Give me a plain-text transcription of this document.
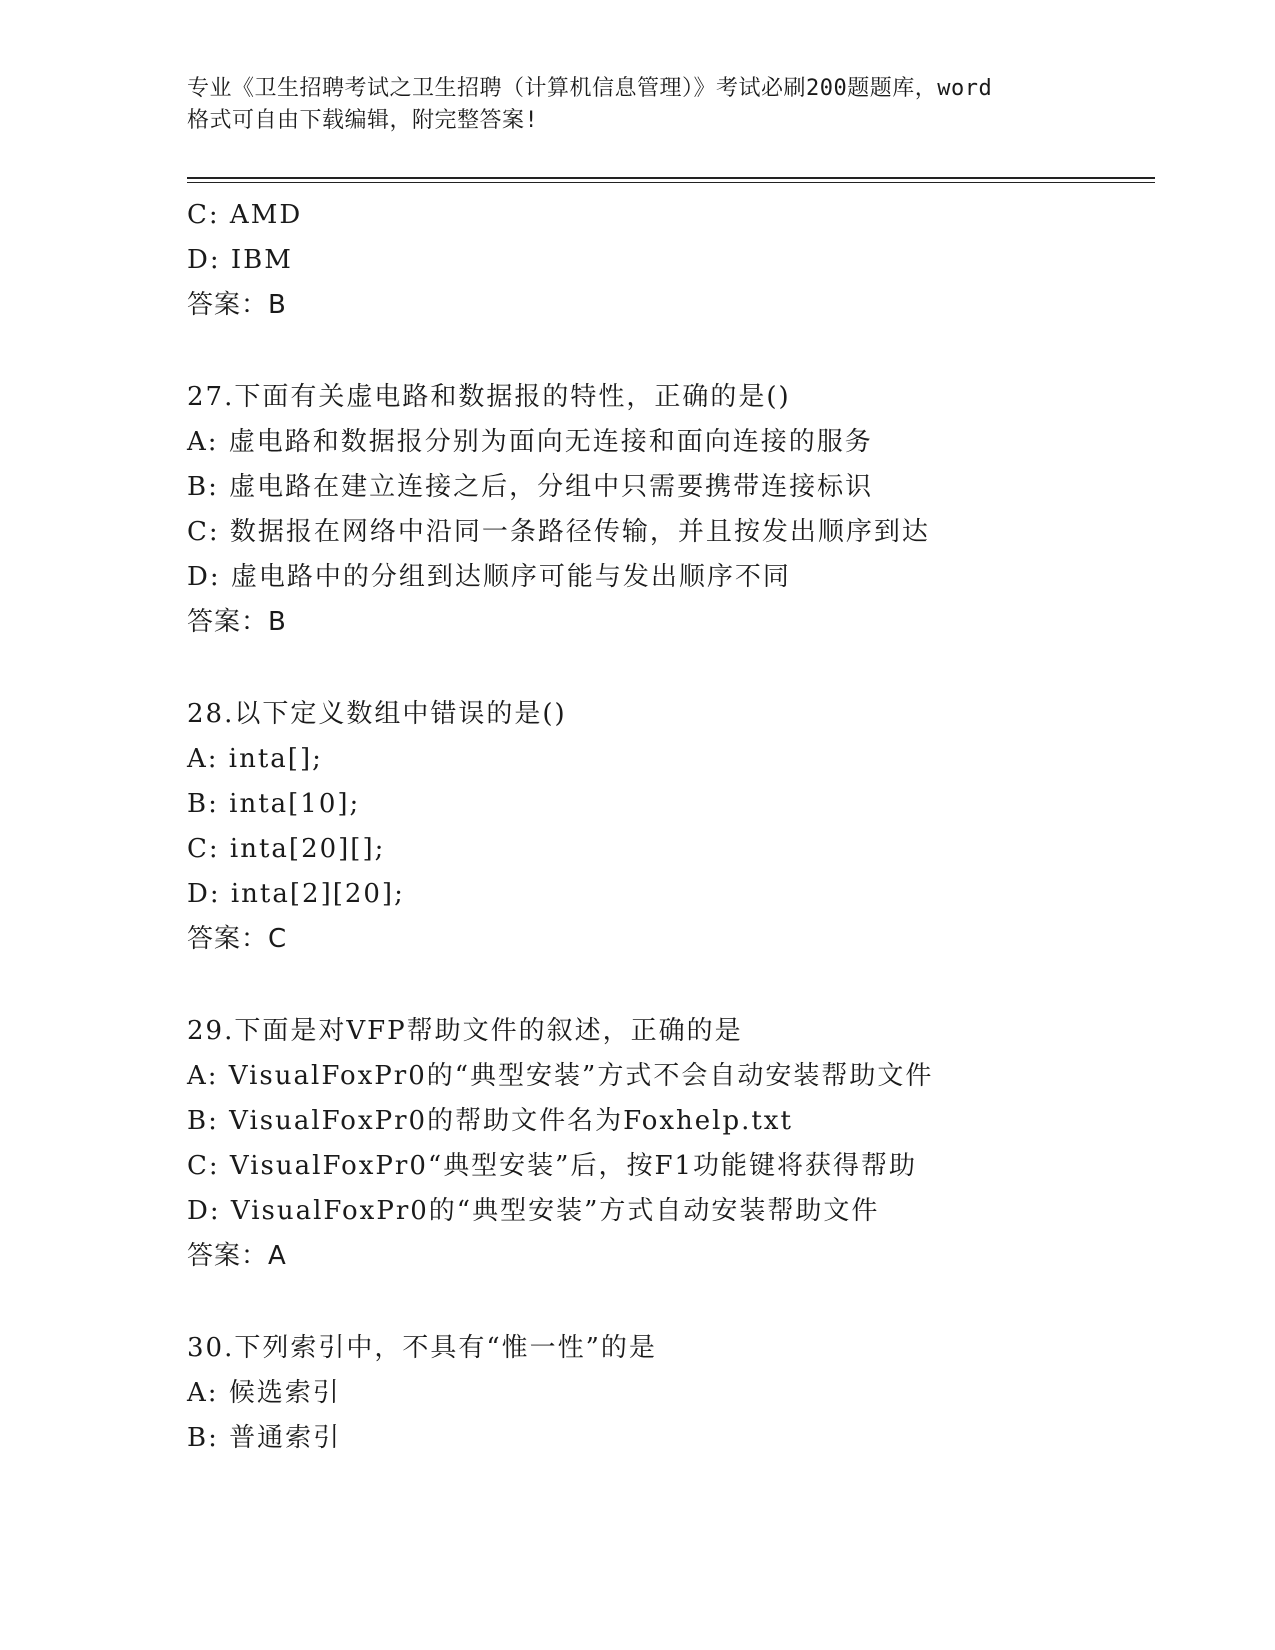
专业《卫生招聘考试之卫生招聘（计算机信息管理）》考试必刷200题题库，word
格式可自由下载编辑，附完整答案!
C: AMD
D: IBM
答案：B
27.下面有关虚电路和数据报的特性，正确的是()
A: 虚电路和数据报分别为面向无连接和面向连接的服务
B: 虚电路在建立连接之后，分组中只需要携带连接标识
C: 数据报在网络中沿同一条路径传输，并且按发出顺序到达
D: 虚电路中的分组到达顺序可能与发出顺序不同
答案：B
28.以下定义数组中错误的是()
A: inta[];
B: inta[10];
C: inta[20][];
D: inta[2][20];
答案：C
29.下面是对VFP帮助文件的叙述，正确的是
A: VisualFoxPr0的“典型安装”方式不会自动安装帮助文件
B: VisualFoxPr0的帮助文件名为Foxhelp.txt
C: VisualFoxPr0“典型安装”后，按F1功能键将获得帮助
D: VisualFoxPr0的“典型安装”方式自动安装帮助文件
答案：A
30.下列索引中，不具有“惟一性”的是
A: 候选索引
B: 普通索引
